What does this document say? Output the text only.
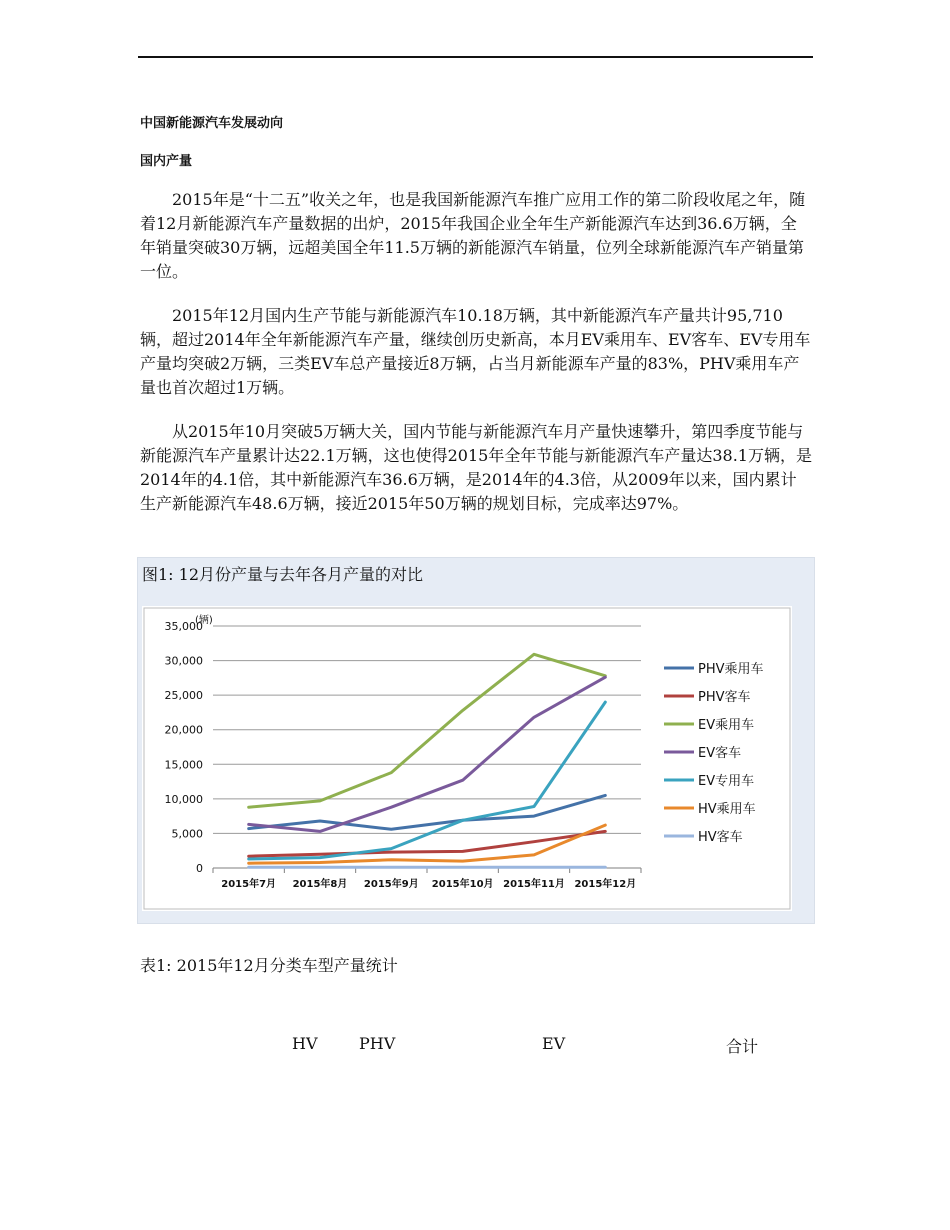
中国新能源汽车发展动向
国内产量

2015年是“十二五”收关之年，也是我国新能源汽车推广应用工作的第二阶段收尾之年，随着12月新能源汽车产量数据的出炉，2015年我国企业全年生产新能源汽车达到36.6万辆，全年销量突破30万辆，远超美国全年11.5万辆的新能源汽车销量，位列全球新能源汽车产销量第一位。

2015年12月国内生产节能与新能源汽车10.18万辆，其中新能源汽车产量共计95,710辆，超过2014年全年新能源汽车产量，继续创历史新高，本月EV乘用车、EV客车、EV专用车产量均突破2万辆，三类EV车总产量接近8万辆，占当月新能源车产量的83%，PHV乘用车产量也首次超过1万辆。

从2015年10月突破5万辆大关，国内节能与新能源汽车月产量快速攀升，第四季度节能与新能源汽车产量累计达22.1万辆，这也使得2015年全年节能与新能源汽车产量达38.1万辆，是2014年的4.1倍，其中新能源汽车36.6万辆，是2014年的4.3倍，从2009年以来，国内累计生产新能源汽车48.6万辆，接近2015年50万辆的规划目标，完成率达97%。

图1: 12月份产量与去年各月产量的对比
0
5,000
10,000
15,000
20,000
25,000
30,000
35,000
(辆)
2015年7月 2015年8月 2015年9月 2015年10月 2015年11月 2015年12月
PHV乘用车
PHV客车
EV乘用车
EV客车
EV专用车
HV乘用车
HV客车
表1: 2015年12月分类车型产量统计
HV	PHV	EV	合计
